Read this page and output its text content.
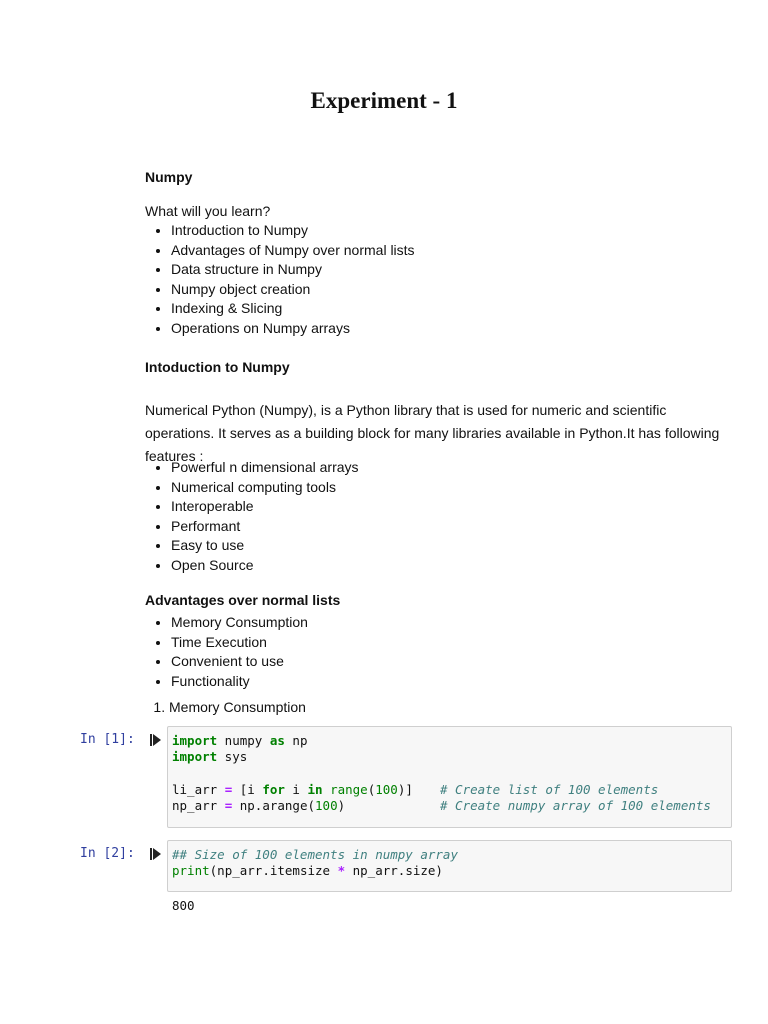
Experiment - 1
Numpy

What will you learn?

• Introduction to Numpy
• Advantages of Numpy over normal lists
• Data structure in Numpy
• Numpy object creation
• Indexing & Slicing
• Operations on Numpy arrays
Intoduction to Numpy

Numerical Python (Numpy), is a Python library that is used for numeric and scientific operations. It serves as a building block for many libraries available in Python.It has following features :

• Powerful n dimensional arrays
• Numerical computing tools
• Interoperable
• Performant
• Easy to use
• Open Source
Advantages over normal lists
• Memory Consumption
• Time Execution
• Convenient to use
• Functionality
1. Memory Consumption
In [1]:	import numpy as np
import sys
li_arr = [i for i in range(100)] # Create list of 100 elements
np_arr = np.arange(100)	# Create numpy array of 100 elements
In [2]:	## Size of 100 elements in numpy array
print(np_arr.itemsize * np_arr.size)
800
